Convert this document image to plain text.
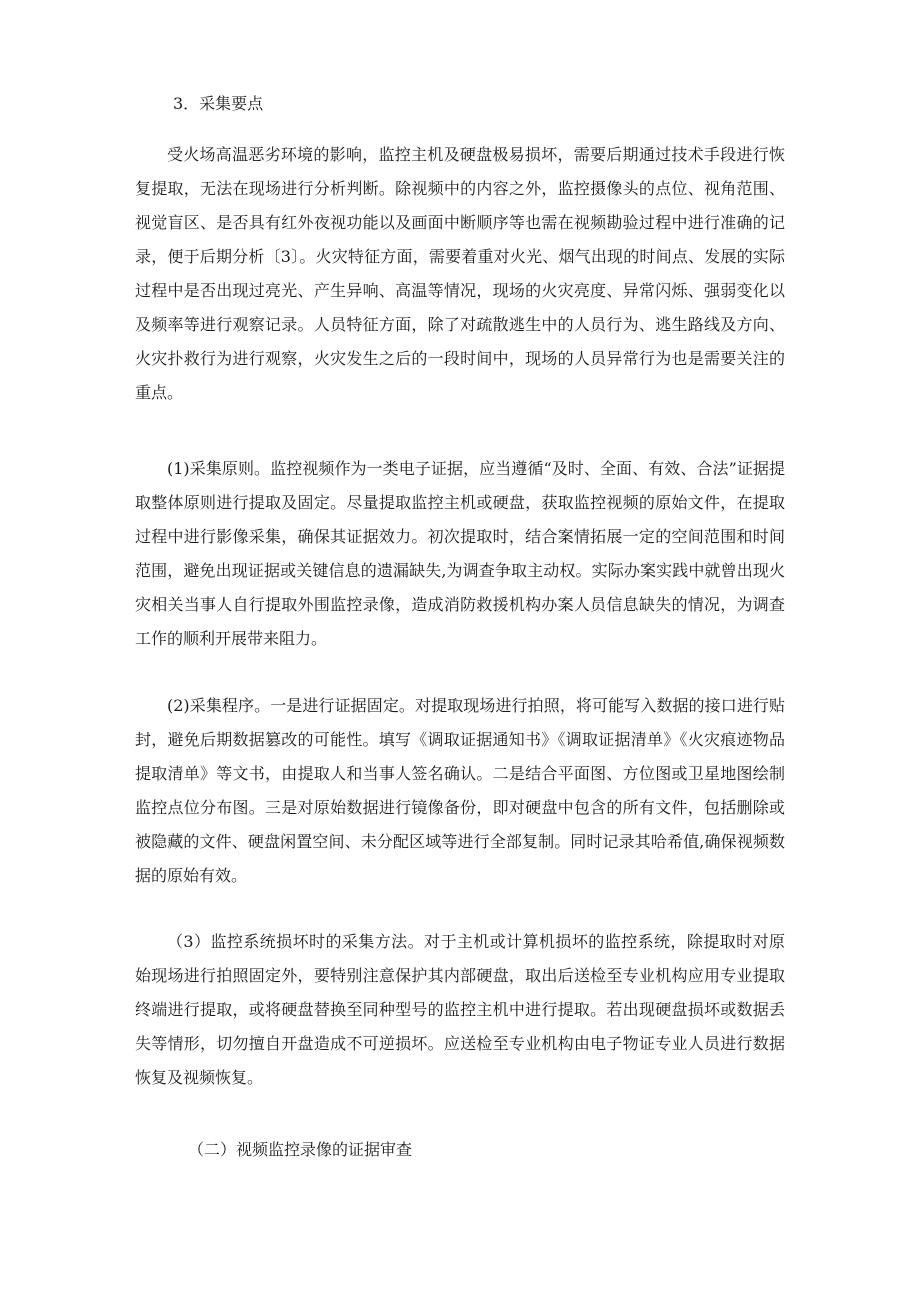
3．采集要点

受火场高温恶劣环境的影响，监控主机及硬盘极易损坏，需要后期通过技术手段进行恢复提取，无法在现场进行分析判断。除视频中的内容之外，监控摄像头的点位、视角范围、视觉盲区、是否具有红外夜视功能以及画面中断顺序等也需在视频勘验过程中进行准确的记录，便于后期分析〔3〕。火灾特征方面，需要着重对火光、烟气出现的时间点、发展的实际过程中是否出现过亮光、产生异响、高温等情况，现场的火灾亮度、异常闪烁、强弱变化以及频率等进行观察记录。人员特征方面，除了对疏散逃生中的人员行为、逃生路线及方向、火灾扑救行为进行观察，火灾发生之后的一段时间中，现场的人员异常行为也是需要关注的重点。

(1)采集原则。监控视频作为一类电子证据，应当遵循“及时、全面、有效、合法”证据提取整体原则进行提取及固定。尽量提取监控主机或硬盘，获取监控视频的原始文件，在提取过程中进行影像采集，确保其证据效力。初次提取时，结合案情拓展一定的空间范围和时间范围，避免出现证据或关键信息的遗漏缺失,为调查争取主动权。实际办案实践中就曾出现火灾相关当事人自行提取外围监控录像，造成消防救援机构办案人员信息缺失的情况，为调查工作的顺利开展带来阻力。

(2)采集程序。一是进行证据固定。对提取现场进行拍照，将可能写入数据的接口进行贴封，避免后期数据篡改的可能性。填写《调取证据通知书》《调取证据清单》《火灾痕迹物品提取清单》等文书，由提取人和当事人签名确认。二是结合平面图、方位图或卫星地图绘制监控点位分布图。三是对原始数据进行镜像备份，即对硬盘中包含的所有文件，包括删除或被隐藏的文件、硬盘闲置空间、未分配区域等进行全部复制。同时记录其哈希值,确保视频数据的原始有效。

（3）监控系统损坏时的采集方法。对于主机或计算机损坏的监控系统，除提取时对原始现场进行拍照固定外，要特别注意保护其内部硬盘，取出后送检至专业机构应用专业提取终端进行提取，或将硬盘替换至同种型号的监控主机中进行提取。若出现硬盘损坏或数据丢失等情形，切勿擅自开盘造成不可逆损坏。应送检至专业机构由电子物证专业人员进行数据恢复及视频恢复。

（二）视频监控录像的证据审查
